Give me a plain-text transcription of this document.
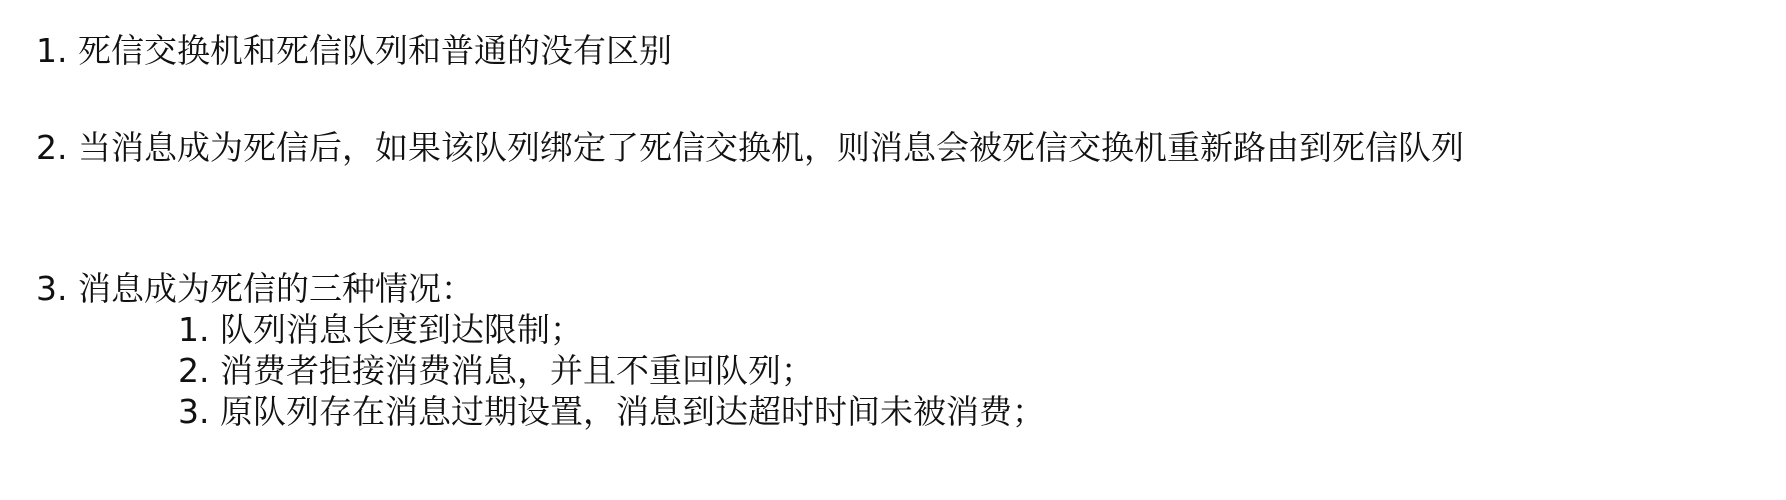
1. 死信交换机和死信队列和普通的没有区别

2. 当消息成为死信后，如果该队列绑定了死信交换机，则消息会被死信交换机重新路由到死信队列

3. 消息成为死信的三种情况：

1. 队列消息长度到达限制；
2. 消费者拒接消费消息，并且不重回队列；
3. 原队列存在消息过期设置，消息到达超时时间未被消费；
